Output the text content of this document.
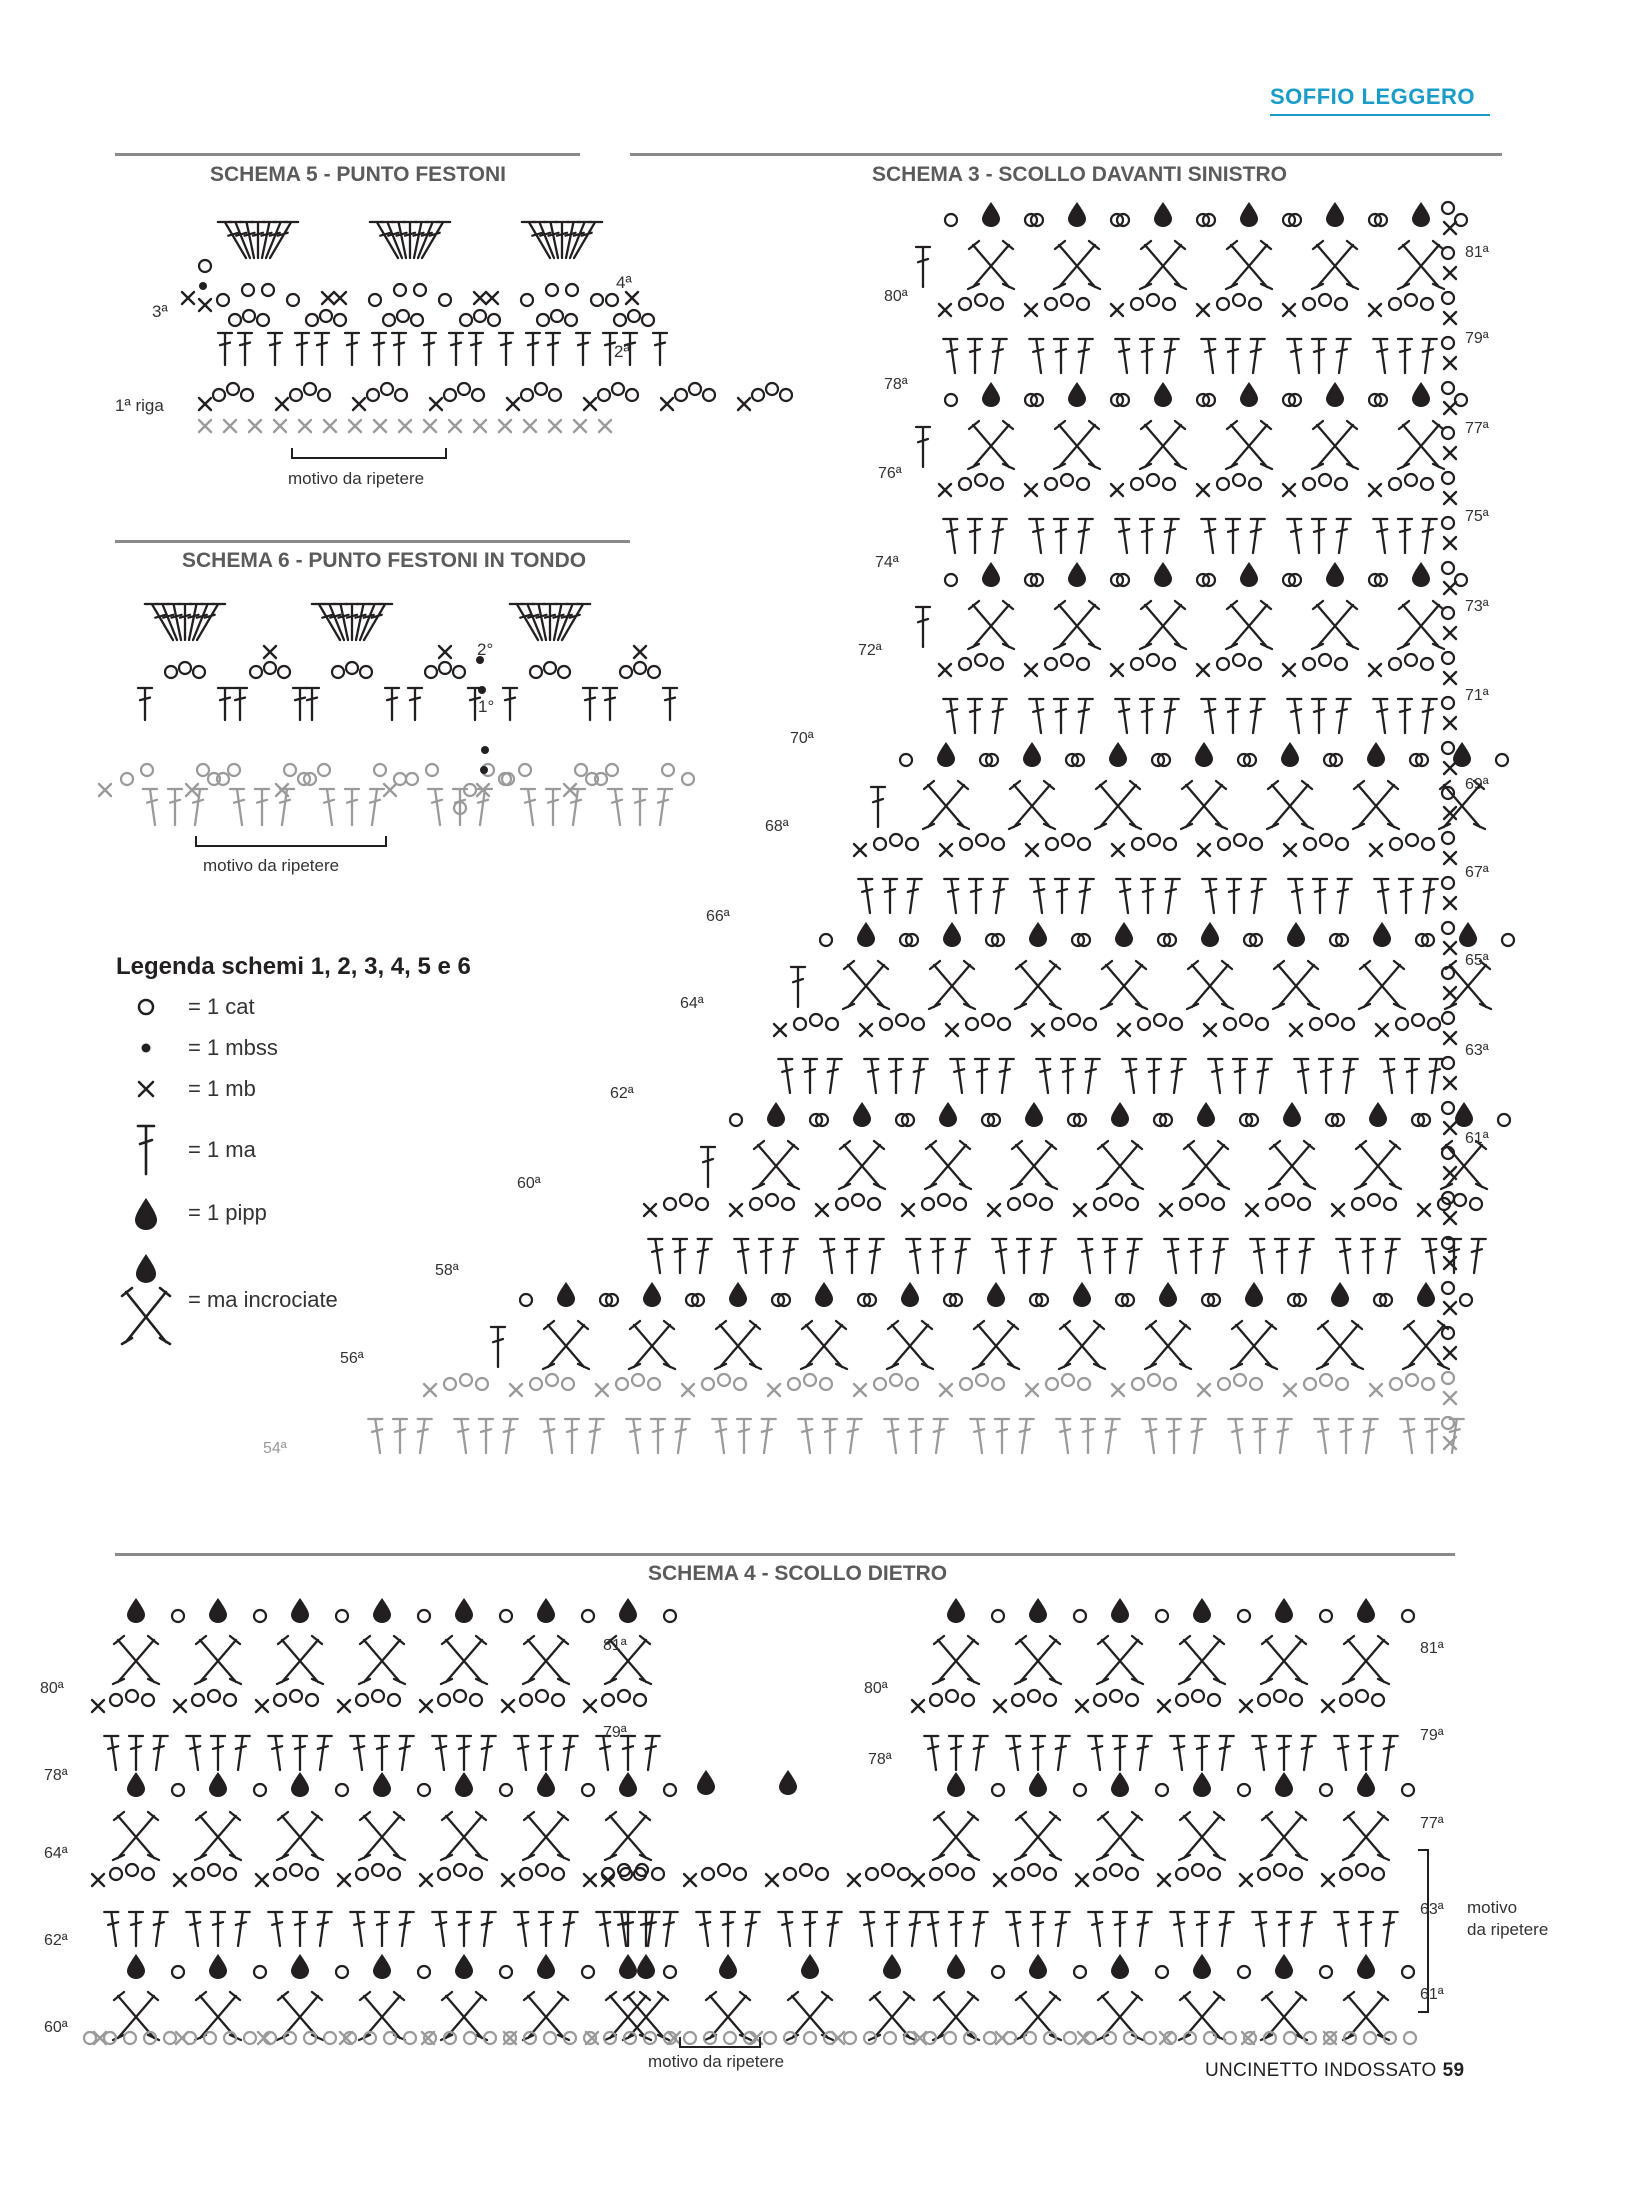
SOFFIO LEGGERO
SCHEMA 5 - PUNTO FESTONI	SCHEMA 3 - SCOLLO DAVANTI SINISTRO
SCHEMA 6 - PUNTO FESTONI IN TONDO
SCHEMA 4 - SCOLLO DIETRO
1ª riga
2ª
3ª
4ª
motivo da ripetere
2°
1°
motivo da ripetere
Legenda schemi 1, 2, 3, 4, 5 e 6
= 1 cat
= 1 mbss
= 1 mb
= 1 ma
= 1 pipp
= ma incrociate
81ª
79ª
77ª
75ª
73ª
71ª
69ª
67ª
65ª
63ª
61ª
80ª
78ª
76ª
74ª
72ª
70ª
68ª
66ª
64ª
62ª
60ª
58ª
56ª
54ª
80ª
78ª
64ª
62ª
60ª
81ª
79ª
80ª
78ª
81ª
79ª
77ª
63ª
61ª
motivo da ripetere
motivo
da ripetere
UNCINETTO INDOSSATO 59
